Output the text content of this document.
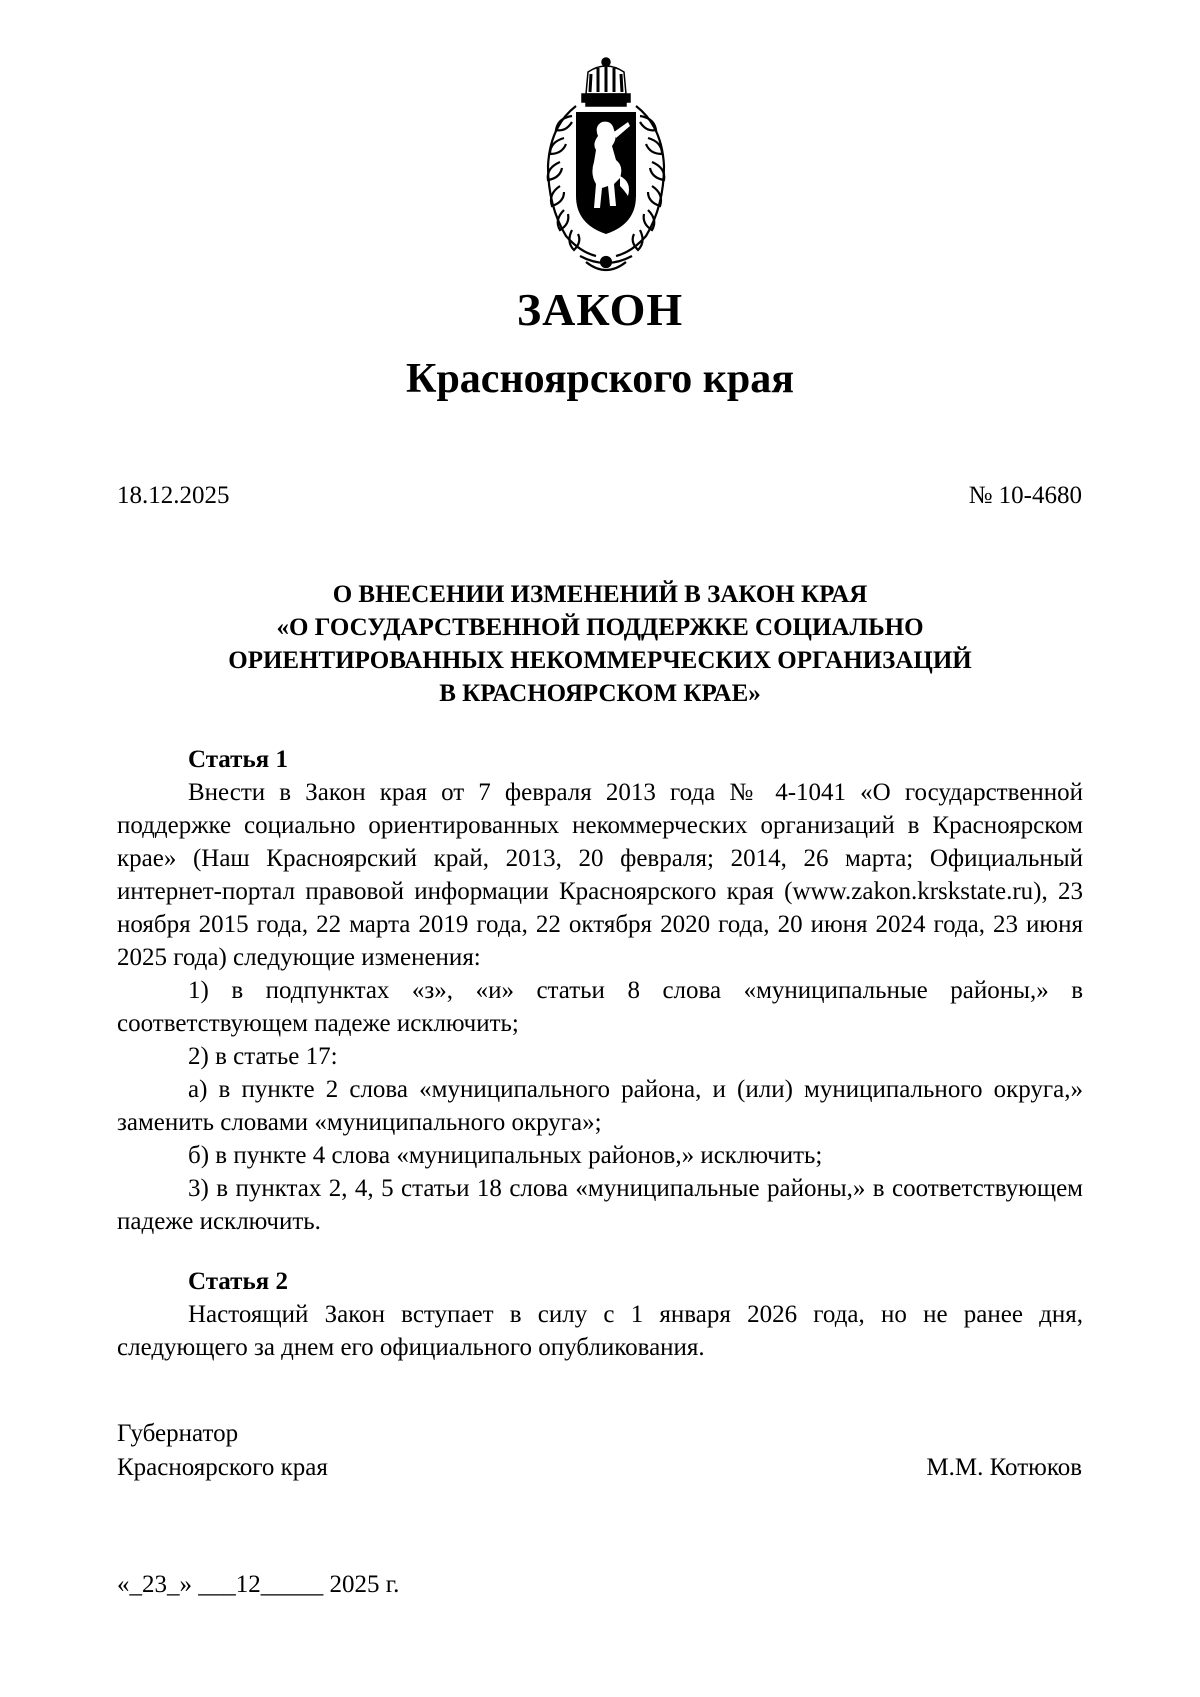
ЗАКОН
Красноярского края
18.12.2025	№ 10-4680
О ВНЕСЕНИИ ИЗМЕНЕНИЙ В ЗАКОН КРАЯ
«О ГОСУДАРСТВЕННОЙ ПОДДЕРЖКЕ СОЦИАЛЬНО
ОРИЕНТИРОВАННЫХ НЕКОММЕРЧЕСКИХ ОРГАНИЗАЦИЙ
В КРАСНОЯРСКОМ КРАЕ»
Статья 1

Внести в Закон края от 7 февраля 2013 года № 4-1041 «О государственной поддержке социально ориентированных некоммерческих организаций в Красноярском крае» (Наш Красноярский край, 2013, 20 февраля; 2014, 26 марта; Официальный интернет-портал правовой информации Красноярского края (www.zakon.krskstate.ru), 23 ноября 2015 года, 22 марта 2019 года, 22 октября 2020 года, 20 июня 2024 года, 23 июня 2025 года) следующие изменения:

1) в подпунктах «з», «и» статьи 8 слова «муниципальные районы,» в соответствующем падеже исключить;

2) в статье 17:

а) в пункте 2 слова «муниципального района, и (или) муниципального округа,» заменить словами «муниципального округа»;

б) в пункте 4 слова «муниципальных районов,» исключить;

3) в пунктах 2, 4, 5 статьи 18 слова «муниципальные районы,» в соответствующем падеже исключить.

Статья 2

Настоящий Закон вступает в силу с 1 января 2026 года, но не ранее дня, следующего за днем его официального опубликования.

Губернатор
Красноярского края	М.М. Котюков
«_23_» ___12_____ 2025 г.
